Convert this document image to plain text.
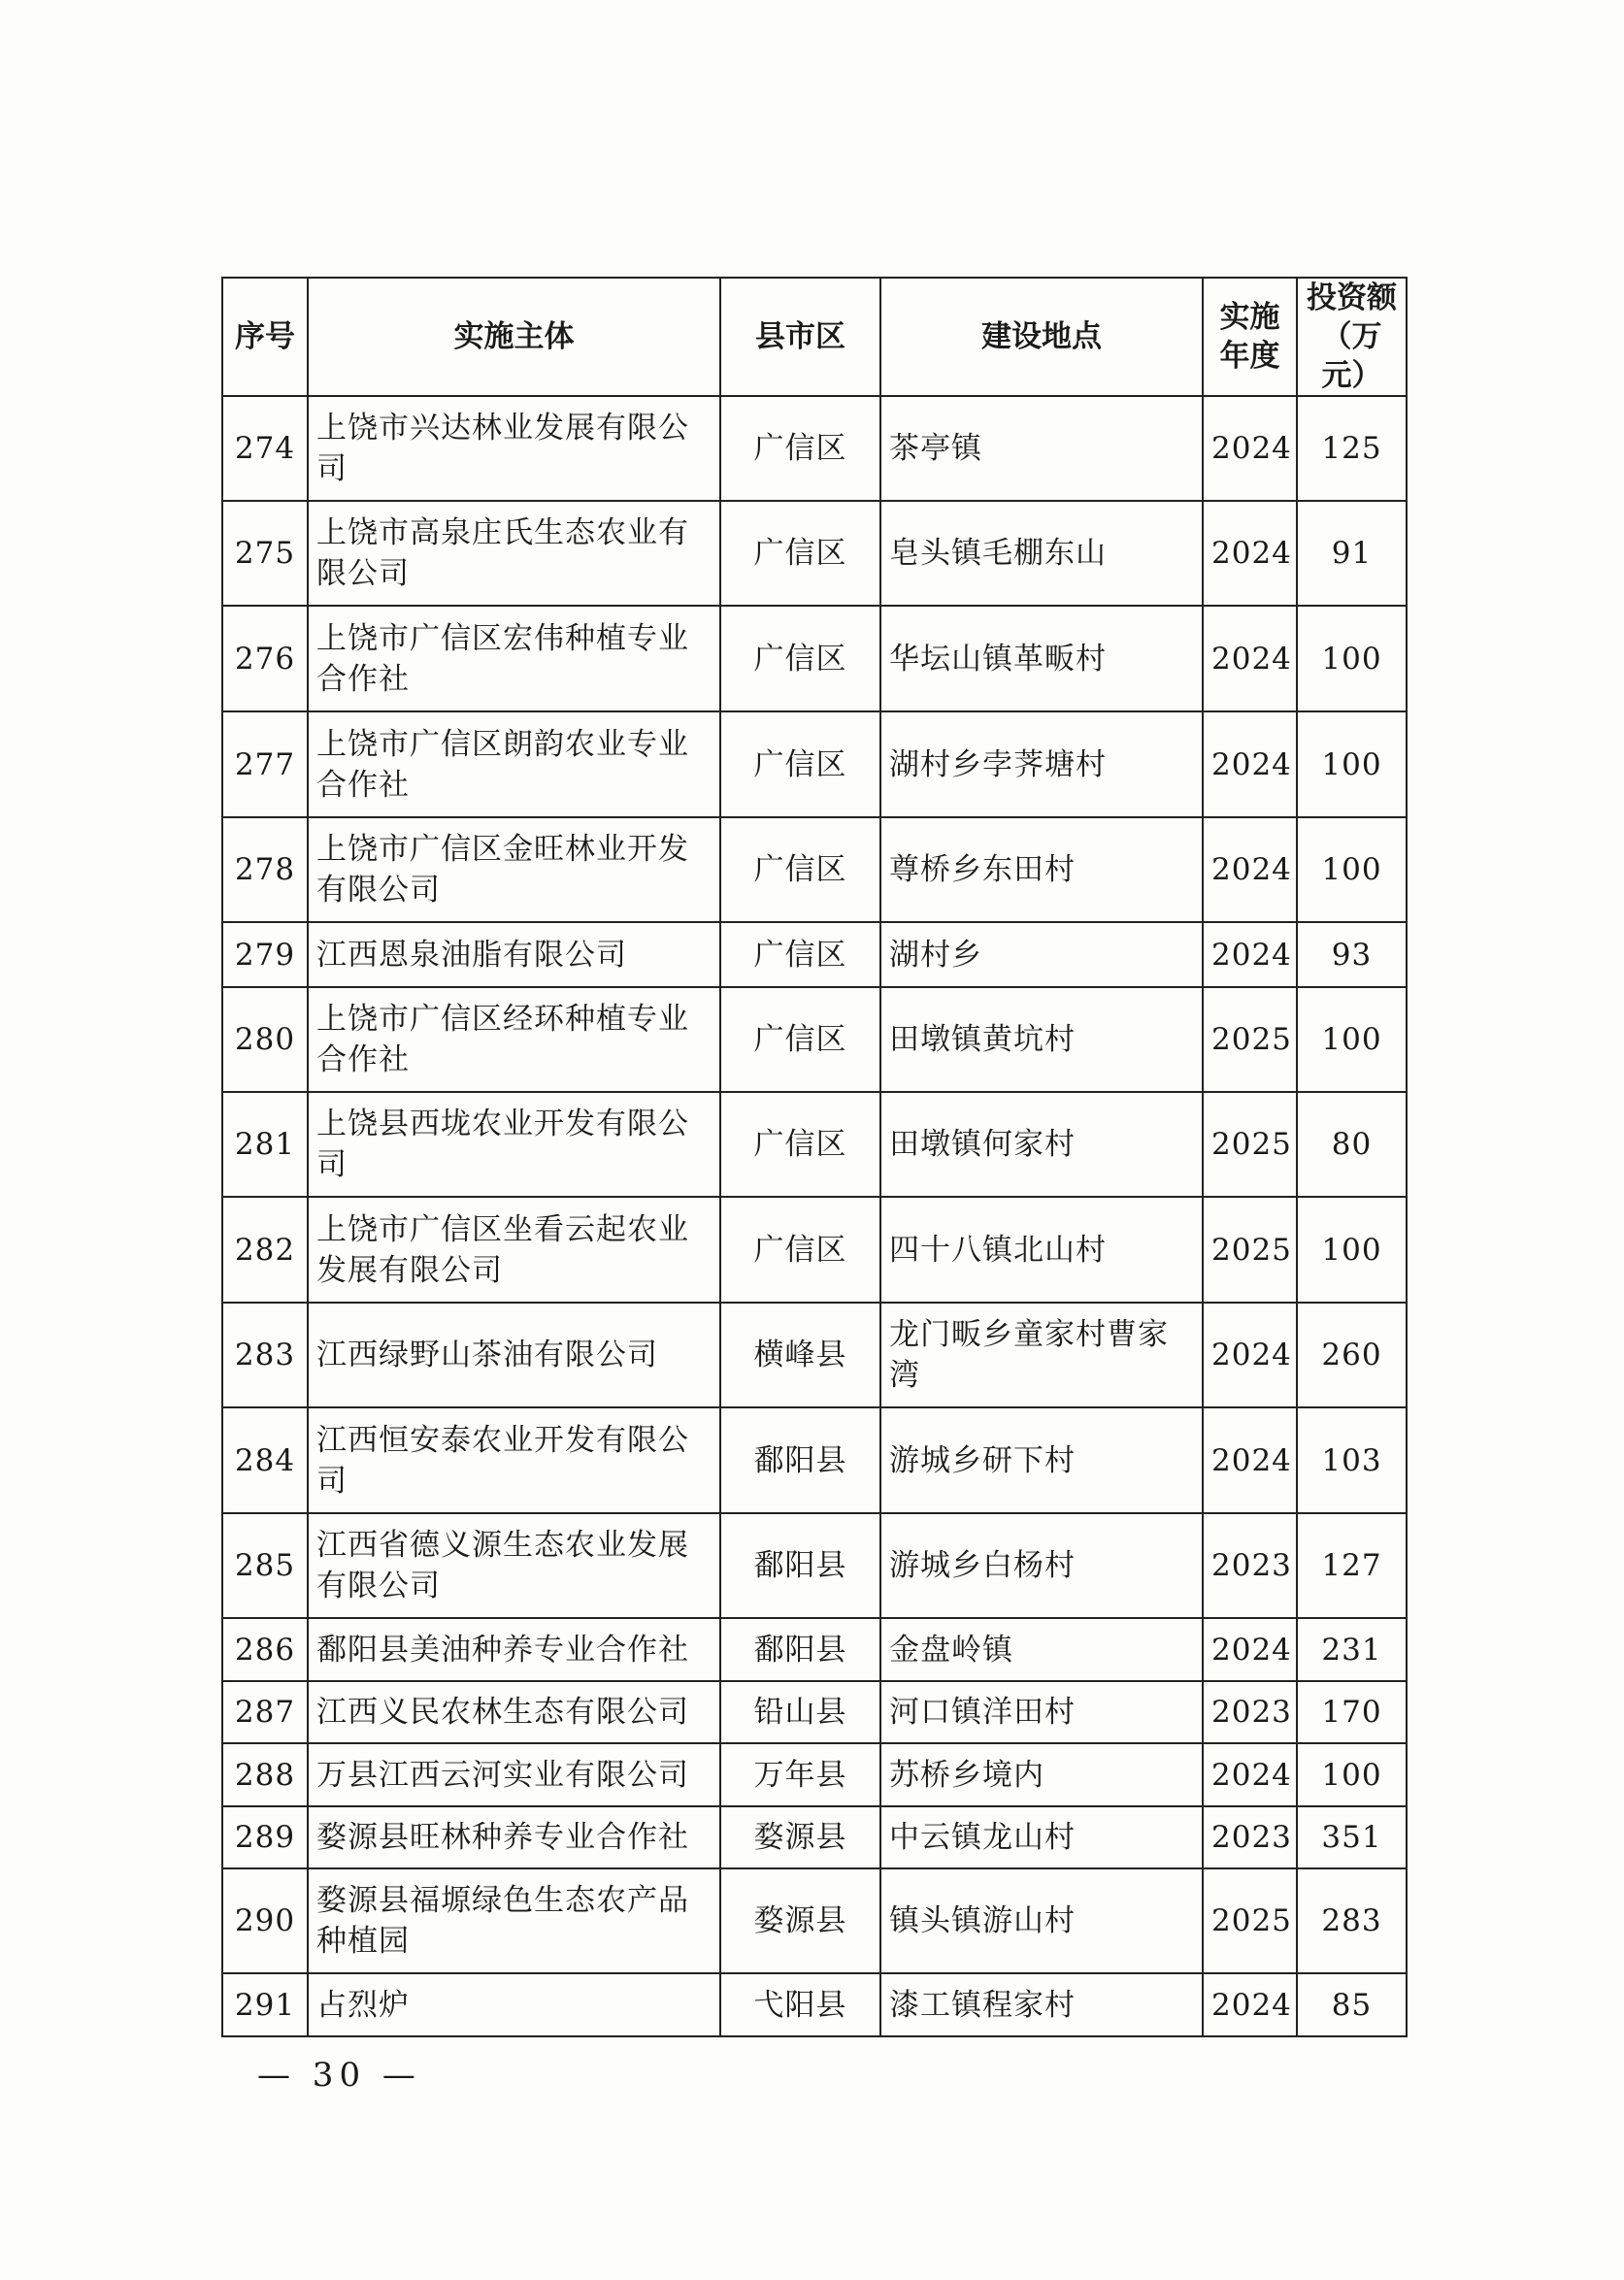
序号	实施主体	县市区	建设地点	实施年度	投资额（万元）
274	上饶市兴达林业发展有限公司	广信区	茶亭镇	2024	125
275	上饶市高泉庄氏生态农业有限公司	广信区	皂头镇毛棚东山	2024	91
276	上饶市广信区宏伟种植专业合作社	广信区	华坛山镇革畈村	2024	100
277	上饶市广信区朗韵农业专业合作社	广信区	湖村乡孛荠塘村	2024	100
278	上饶市广信区金旺林业开发有限公司	广信区	尊桥乡东田村	2024	100
279	江西恩泉油脂有限公司	广信区	湖村乡	2024	93
280	上饶市广信区经环种植专业合作社	广信区	田墩镇黄坑村	2025	100
281	上饶县西垅农业开发有限公司	广信区	田墩镇何家村	2025	80
282	上饶市广信区坐看云起农业发展有限公司	广信区	四十八镇北山村	2025	100
283	江西绿野山茶油有限公司	横峰县	龙门畈乡童家村曹家湾	2024	260
284	江西恒安泰农业开发有限公司	鄱阳县	游城乡研下村	2024	103
285	江西省德义源生态农业发展有限公司	鄱阳县	游城乡白杨村	2023	127
286	鄱阳县美油种养专业合作社	鄱阳县	金盘岭镇	2024	231
287	江西义民农林生态有限公司	铅山县	河口镇洋田村	2023	170
288	万县江西云河实业有限公司	万年县	苏桥乡境内	2024	100
289	婺源县旺林种养专业合作社	婺源县	中云镇龙山村	2023	351
290	婺源县福塬绿色生态农产品种植园	婺源县	镇头镇游山村	2025	283
291	占烈炉	弋阳县	漆工镇程家村	2024	85
— 30 —
